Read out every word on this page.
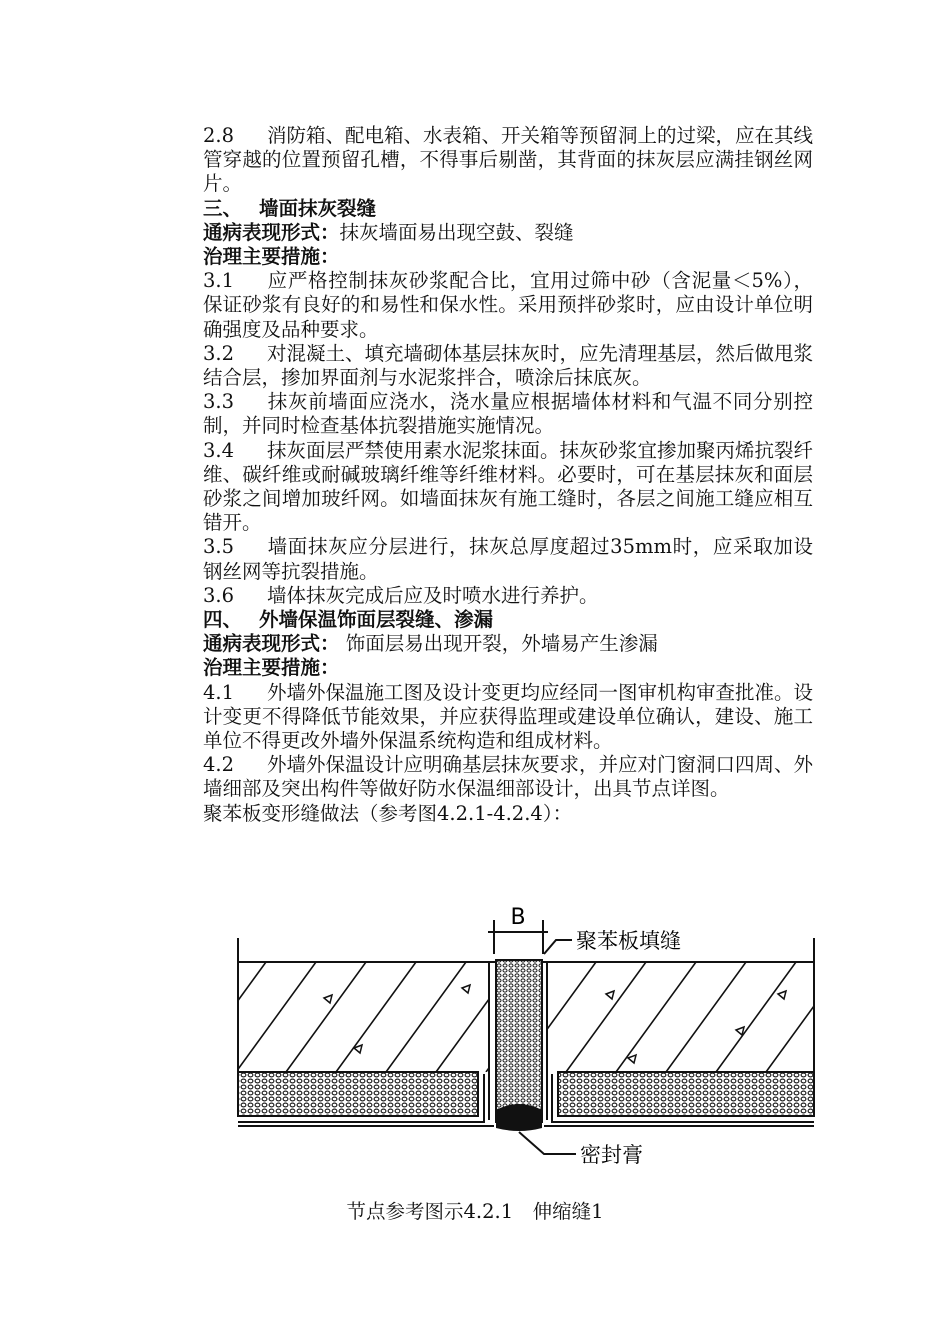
2.8 消防箱、配电箱、水表箱、开关箱等预留洞上的过梁，应在其线管穿越的位置预留孔槽，不得事后剔凿，其背面的抹灰层应满挂钢丝网片。

三、 墙面抹灰裂缝

通病表现形式：抹灰墙面易出现空鼓、裂缝

治理主要措施：

3.1 应严格控制抹灰砂浆配合比，宜用过筛中砂（含泥量＜5%），保证砂浆有良好的和易性和保水性。采用预拌砂浆时，应由设计单位明确强度及品种要求。

3.2 对混凝土、填充墙砌体基层抹灰时，应先清理基层，然后做甩浆结合层，掺加界面剂与水泥浆拌合，喷涂后抹底灰。

3.3 抹灰前墙面应浇水，浇水量应根据墙体材料和气温不同分别控制，并同时检查基体抗裂措施实施情况。

3.4 抹灰面层严禁使用素水泥浆抹面。抹灰砂浆宜掺加聚丙烯抗裂纤维、碳纤维或耐碱玻璃纤维等纤维材料。必要时，可在基层抹灰和面层砂浆之间增加玻纤网。如墙面抹灰有施工缝时，各层之间施工缝应相互错开。

3.5 墙面抹灰应分层进行，抹灰总厚度超过35mm时，应采取加设钢丝网等抗裂措施。

3.6 墙体抹灰完成后应及时喷水进行养护。

四、 外墙保温饰面层裂缝、渗漏

通病表现形式： 饰面层易出现开裂，外墙易产生渗漏

治理主要措施：

4.1 外墙外保温施工图及设计变更均应经同一图审机构审查批准。设计变更不得降低节能效果，并应获得监理或建设单位确认，建设、施工单位不得更改外墙外保温系统构造和组成材料。

4.2 外墙外保温设计应明确基层抹灰要求，并应对门窗洞口四周、外墙细部及突出构件等做好防水保温细部设计，出具节点详图。

聚苯板变形缝做法（参考图4.2.1-4.2.4）：

B
聚苯板填缝
密封膏
节点参考图示4.2.1　伸缩缝1
